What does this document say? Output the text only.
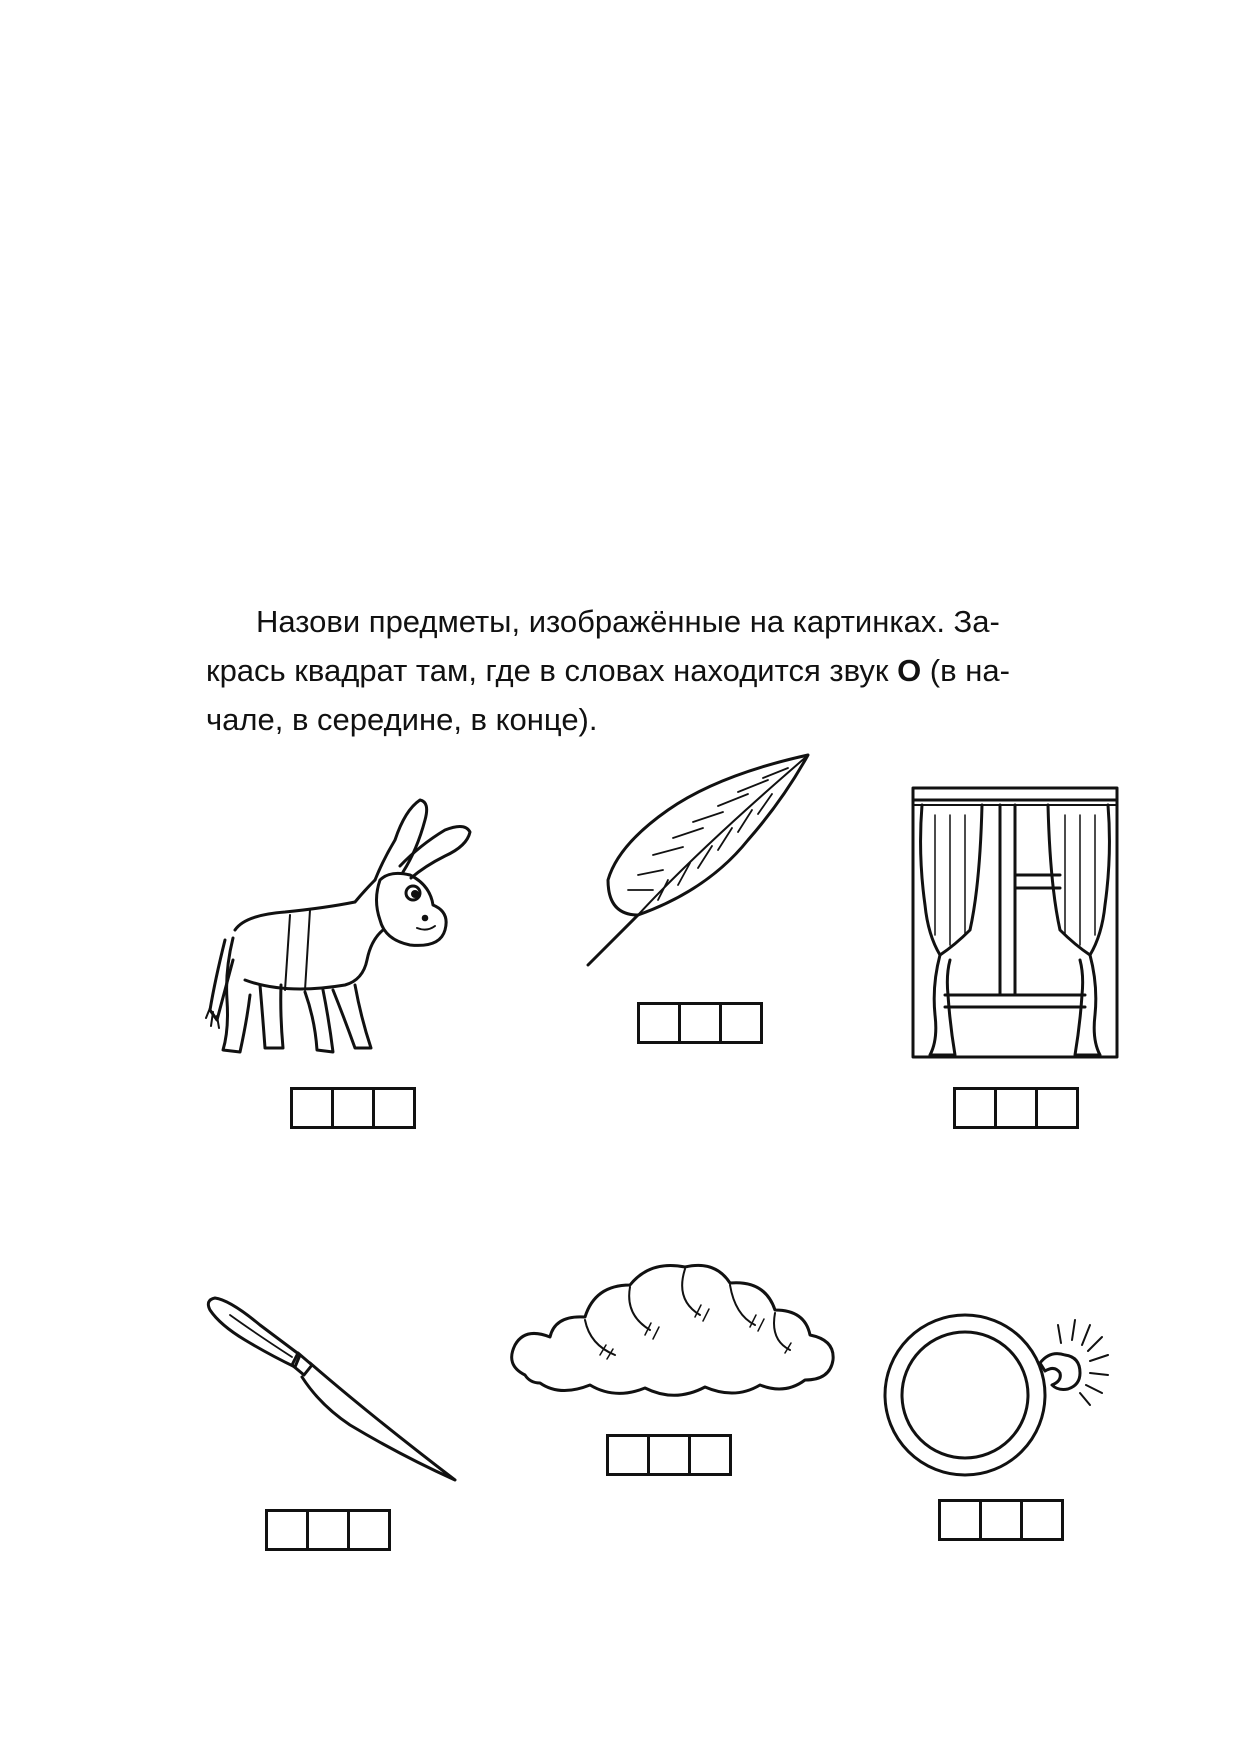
Назови предметы, изображённые на картинках. За-
крась квадрат там, где в словах находится звук О (в на-
чале, в середине, в конце).
